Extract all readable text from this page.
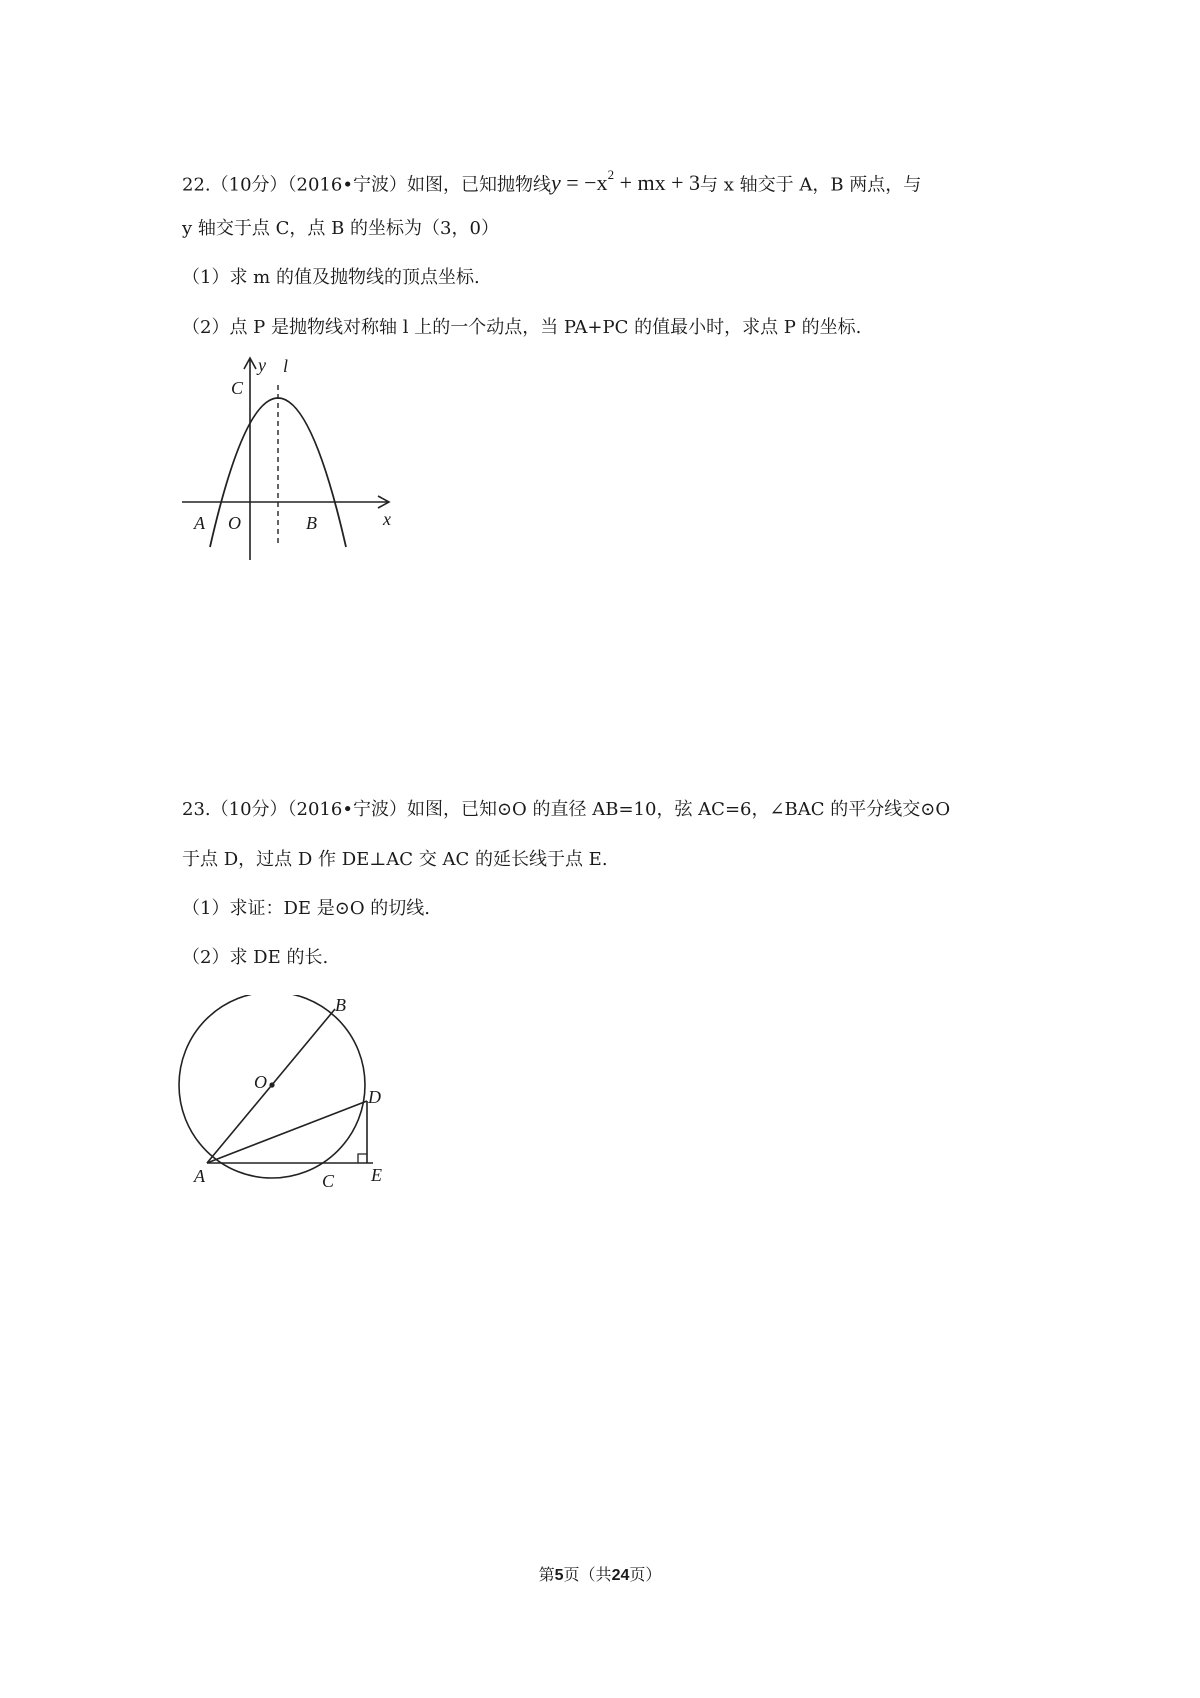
22.（10分）（2016•宁波）如图，已知抛物线$y = -x^2$ + mx + 3与 x 轴交于 A，B 两点，与
y 轴交于点 C，点 B 的坐标为（3，0）
（1）求 m 的值及抛物线的顶点坐标.
（2）点 P 是抛物线对称轴 l 上的一个动点，当 PA+PC 的值最小时，求点 P 的坐标.
y l
C
A O	B	x
23.（10分）（2016•宁波）如图，已知⊙O 的直径 AB=10，弦 AC=6，∠BAC 的平分线交⊙O
于点 D，过点 D 作 DE⊥AC 交 AC 的延长线于点 E.
（1）求证：DE 是⊙O 的切线.
（2）求 DE 的长.
B
O
D
A	C E
第5页（共24页）
